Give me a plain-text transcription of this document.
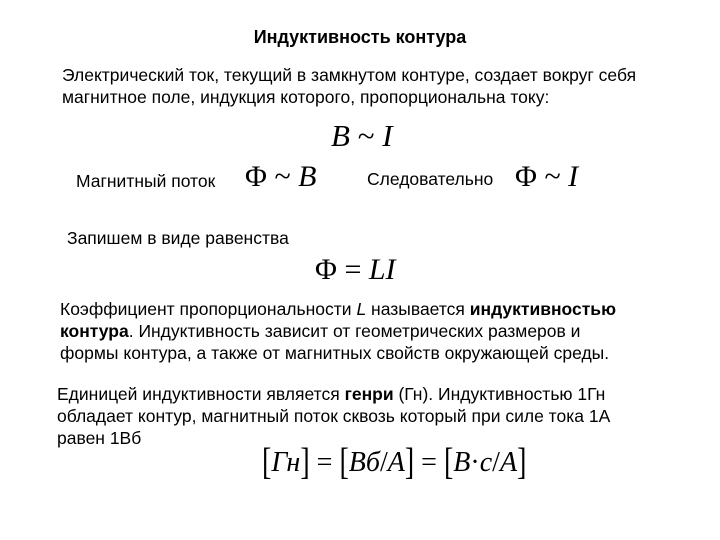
Индуктивность контура
Электрический ток, текущий в замкнутом контуре, создает вокруг себя
магнитное поле, индукция которого, пропорциональна току:
B ~ I
Магнитный поток Φ ~ B	Следовательно Φ ~ I
Запишем в виде равенства
Φ = LI
Коэффициент пропорциональности L называется индуктивностью
контура. Индуктивность зависит от геометрических размеров и
формы контура, а также от магнитных свойств окружающей среды.
Единицей индуктивности является генри (Гн). Индуктивностью 1Гн
обладает контур, магнитный поток сквозь который при силе тока 1А
равен 1Вб
[Гн] = [Вб/A] = [B·c/A]
